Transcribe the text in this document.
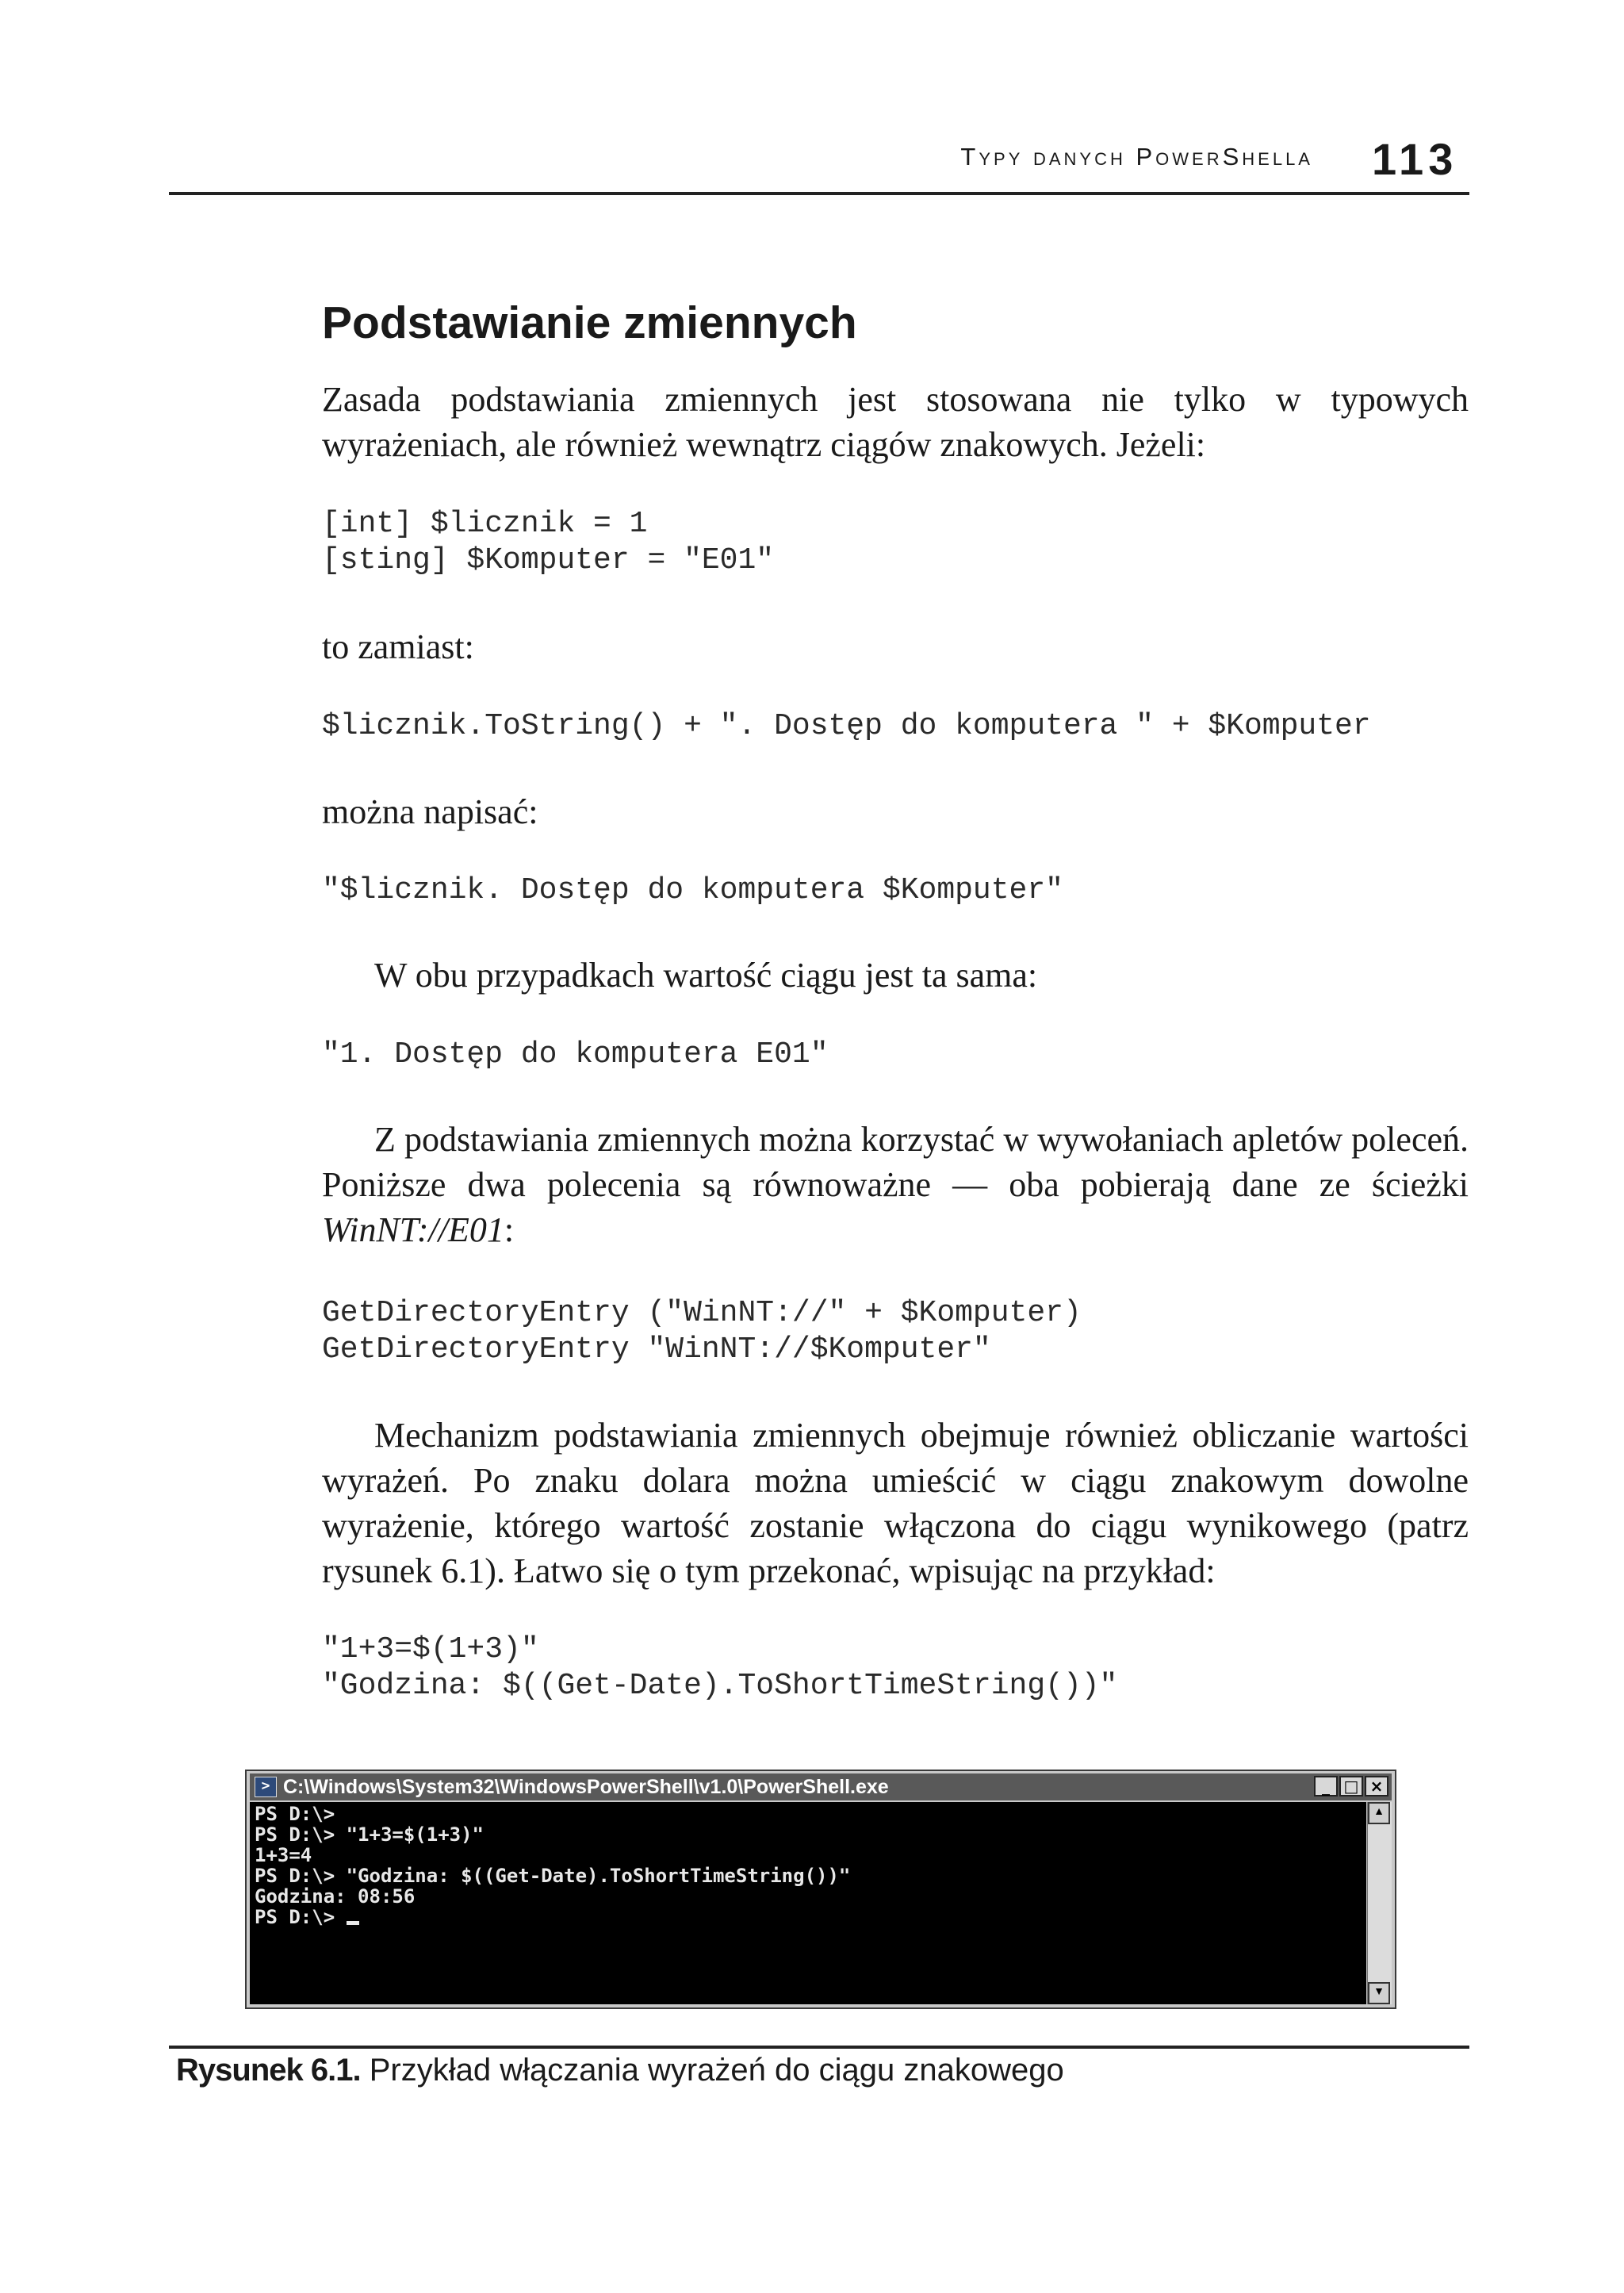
Typy danych PowerShella 113
Podstawianie zmiennych

Zasada podstawiania zmiennych jest stosowana nie tylko w typowych wyrażeniach, ale również wewnątrz ciągów znakowych. Jeżeli:

[int] $licznik = 1
[sting] $Komputer = "E01"

to zamiast:

$licznik.ToString() + ". Dostęp do komputera " + $Komputer

można napisać:

"$licznik. Dostęp do komputera $Komputer"

W obu przypadkach wartość ciągu jest ta sama:

"1. Dostęp do komputera E01"

Z podstawiania zmiennych można korzystać w wywołaniach apletów poleceń. Poniższe dwa polecenia są równoważne — oba pobierają dane ze ścieżki WinNT://E01:

GetDirectoryEntry ("WinNT://" + $Komputer)
GetDirectoryEntry "WinNT://$Komputer"

Mechanizm podstawiania zmiennych obejmuje również obliczanie wartości wyrażeń. Po znaku dolara można umieścić w ciągu znakowym dowolne wyrażenie, którego wartość zostanie włączona do ciągu wynikowego (patrz rysunek 6.1). Łatwo się o tym przekonać, wpisując na przykład:

"1+3=$(1+3)"
"Godzina: $((Get-Date).ToShortTimeString())"
> C:\Windows\System32\WindowsPowerShell\v1.0\PowerShell.exe	_ □ ×
PS D:\>
PS D:\> "1+3=$(1+3)"
1+3=4
PS D:\> "Godzina: $((Get-Date).ToShortTimeString())"
Godzina: 08:56
PS D:\>
▲
▼
Rysunek 6.1. Przykład włączania wyrażeń do ciągu znakowego
